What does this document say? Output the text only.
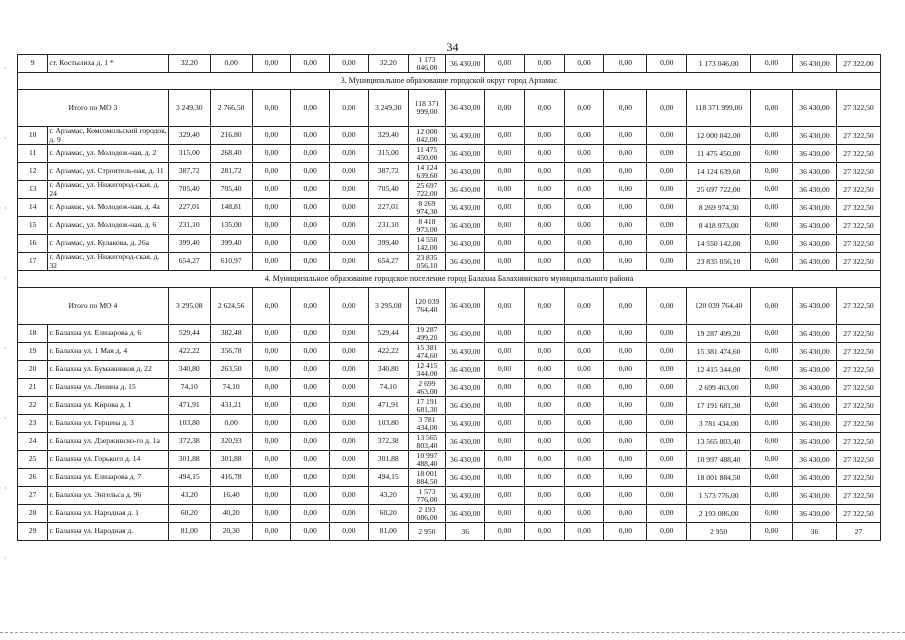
·
·
·
·
·
·
·
·
34
9	ст. Костылиха д. 1 *	32,20	0,00	0,00	0,00	0,00	32,20	1 173 046,00	36 430,00	0,00	0,00	0,00	0,00	0,00	1 173 046,00	0,00	36 430,00	27 322,00
3. Муниципальное образование городской округ город Арзамас																		
Итого по МО 3		3 249,30	2 766,50	0,00	0,00	0,00	3 249,30	118 371 999,00	36 430,00	0,00	0,00	0,00	0,00	0,00	118 371 999,00	0,00	36 430,00	27 322,50
10	г. Арзамас, Комсомольский городок, д. 9	329,40	216,80	0,00	0,00	0,00	329,40	12 000 042,00	36 430,00	0,00	0,00	0,00	0,00	0,00	12 000 042,00	0,00	36 430,00	27 322,50
11	г. Арзамас, ул. Молодеж-ная, д. 2	315,00	268,40	0,00	0,00	0,00	315,00	11 475 450,00	36 430,00	0,00	0,00	0,00	0,00	0,00	11 475 450,00	0,00	36 430,00	27 322,50
12	г. Арзамас, ул. Строитель-ная, д. 11	387,72	281,72	0,00	0,00	0,00	387,72	14 124 639,60	36 430,00	0,00	0,00	0,00	0,00	0,00	14 124 639,60	0,00	36 430,00	27 322,50
13	г. Арзамас, ул. Нижегород-ская, д. 24	705,40	705,40	0,00	0,00	0,00	705,40	25 697 722,00	36 430,00	0,00	0,00	0,00	0,00	0,00	25 697 722,00	0,00	36 430,00	27 322,50
14	г. Арзамас, ул. Молодеж-ная, д. 4а	227,01	148,81	0,00	0,00	0,00	227,01	8 269 974,30	36 430,00	0,00	0,00	0,00	0,00	0,00	8 269 974,30	0,00	36 430,00	27 322,50
15	г. Арзамас, ул. Молодеж-ная, д. 6	231,10	135,00	0,00	0,00	0,00	231,10	8 418 973,00	36 430,00	0,00	0,00	0,00	0,00	0,00	8 418 973,00	0,00	36 430,00	27 322,50
16	г. Арзамас, ул. Кулакова, д. 26а	399,40	399,40	0,00	0,00	0,00	399,40	14 550 142,00	36 430,00	0,00	0,00	0,00	0,00	0,00	14 550 142,00	0,00	36 430,00	27 322,50
17	г. Арзамас, ул. Нижегород-ская, д. 32	654,27	610,97	0,00	0,00	0,00	654,27	23 835 056,10	36 430,00	0,00	0,00	0,00	0,00	0,00	23 835 056,10	0,00	36 430,00	27 322,50
4. Муниципальное образование городское поселение город Балахна Балахнинского муниципального района																		
Итого по МО 4		3 295,08	2 624,56	0,00	0,00	0,00	3 295,08	120 039 764,40	36 430,00	0,00	0,00	0,00	0,00	0,00	120 039 764,40	0,00	36 430,00	27 322,50
18	г. Балахна ул. Елизарова д. 6	529,44	382,48	0,00	0,00	0,00	529,44	19 287 499,20	36 430,00	0,00	0,00	0,00	0,00	0,00	19 287 499,20	0,00	36 430,00	27 322,50
19	г. Балахна ул. 1 Мая д. 4	422,22	356,78	0,00	0,00	0,00	422,22	15 381 474,60	36 430,00	0,00	0,00	0,00	0,00	0,00	15 381 474,60	0,00	36 430,00	27 322,50
20	г. Балахна ул. Бумажников д. 22	340,80	263,50	0,00	0,00	0,00	340,80	12 415 344,00	36 430,00	0,00	0,00	0,00	0,00	0,00	12 415 344,00	0,00	36 430,00	27 322,50
21	г. Балахна ул. Ленина д. 15	74,10	74,10	0,00	0,00	0,00	74,10	2 699 463,00	36 430,00	0,00	0,00	0,00	0,00	0,00	2 699 463,00	0,00	36 430,00	27 322,50
22	г. Балахна ул. Кирова д. 1	471,91	431,21	0,00	0,00	0,00	471,91	17 191 681,30	36 430,00	0,00	0,00	0,00	0,00	0,00	17 191 681,30	0,00	36 430,00	27 322,50
23	г. Балахна ул. Герцена д. 3	103,80	0,00	0,00	0,00	0,00	103,80	3 781 434,00	36 430,00	0,00	0,00	0,00	0,00	0,00	3 781 434,00	0,00	36 430,00	27 322,50
24	г. Балахна ул. Дзержинско-го д. 1а	372,38	320,93	0,00	0,00	0,00	372,38	13 565 803,40	36 430,00	0,00	0,00	0,00	0,00	0,00	13 565 803,40	0,00	36 430,00	27 322,50
25	г. Балахна ул. Горького д. 14	301,88	301,88	0,00	0,00	0,00	301,88	10 997 488,40	36 430,00	0,00	0,00	0,00	0,00	0,00	10 997 488,40	0,00	36 430,00	27 322,50
26	г. Балахна ул. Елизарова д. 7	494,15	416,78	0,00	0,00	0,00	494,15	18 001 884,50	36 430,00	0,00	0,00	0,00	0,00	0,00	18 001 884,50	0,00	36 430,00	27 322,50
27	г. Балахна ул. Энгельса д. 96	43,20	16,40	0,00	0,00	0,00	43,20	1 573 776,00	36 430,00	0,00	0,00	0,00	0,00	0,00	1 573 776,00	0,00	36 430,00	27 322,50
28	г. Балахна ул. Народная д. 1	60,20	40,20	0,00	0,00	0,00	60,20	2 193 086,00	36 430,00	0,00	0,00	0,00	0,00	0,00	2 193 086,00	0,00	36 430,00	27 322,50
29	г. Балахна ул. Народная д.	81,00	20,30	0,00	0,00	0,00	81,00	2 950	36	0,00	0,00	0,00	0,00	0,00	2 950	0,00	36	27
